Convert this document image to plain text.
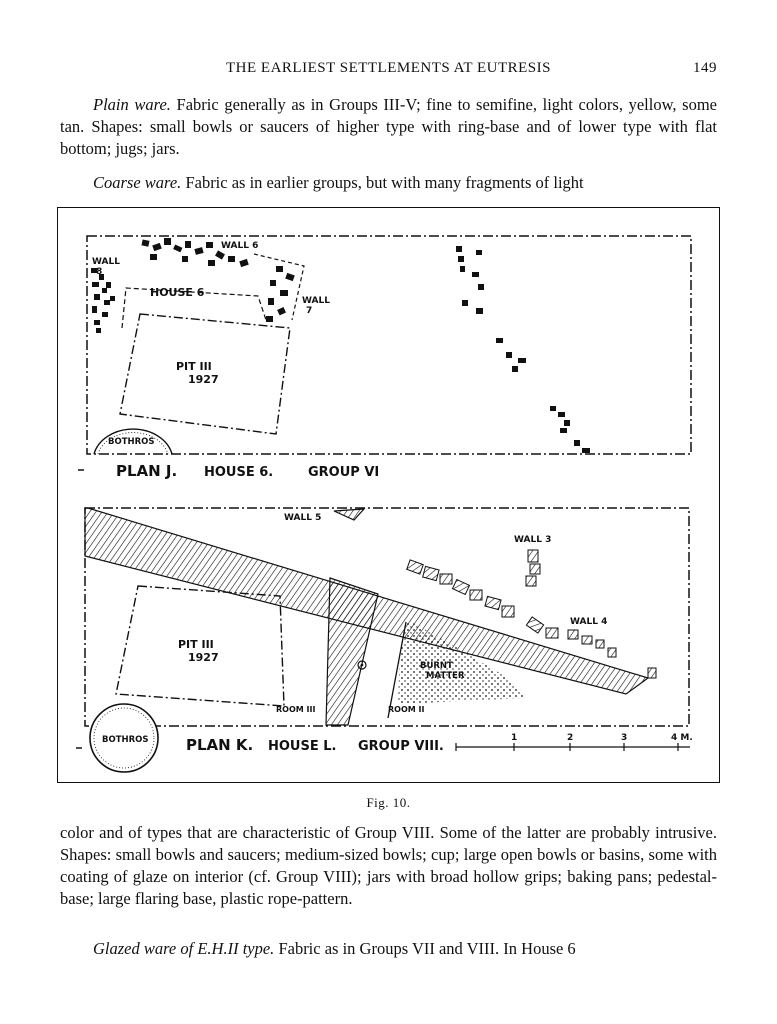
THE EARLIEST SETTLEMENTS AT EUTRESIS	149

Plain ware. Fabric generally as in Groups III-V; fine to semifine, light colors, yellow, some tan. Shapes: small bowls or saucers of higher type with ring-base and of lower type with flat bottom; jugs; jars.

Coarse ware. Fabric as in earlier groups, but with many fragments of light

WALL 6
WALL
8
WALL
7
HOUSE 6
PIT III
1927
BOTHROS
PLAN J. HOUSE 6.	GROUP VI
WALL 5
WALL 3
WALL 4
BURNT
MATTER
PIT III
1927
ROOM III	ROOM II
BOTHROS PLAN K. HOUSE L. GROUP VIII.
1	2	3	4 M.
Fig. 10.

color and of types that are characteristic of Group VIII. Some of the latter are probably intrusive. Shapes: small bowls and saucers; medium-sized bowls; cup; large open bowls or basins, some with coating of glaze on interior (cf. Group VIII); jars with broad hollow grips; baking pans; pedestal-base; large flaring base, plastic rope-pattern.

Glazed ware of E.H.II type. Fabric as in Groups VII and VIII. In House 6
